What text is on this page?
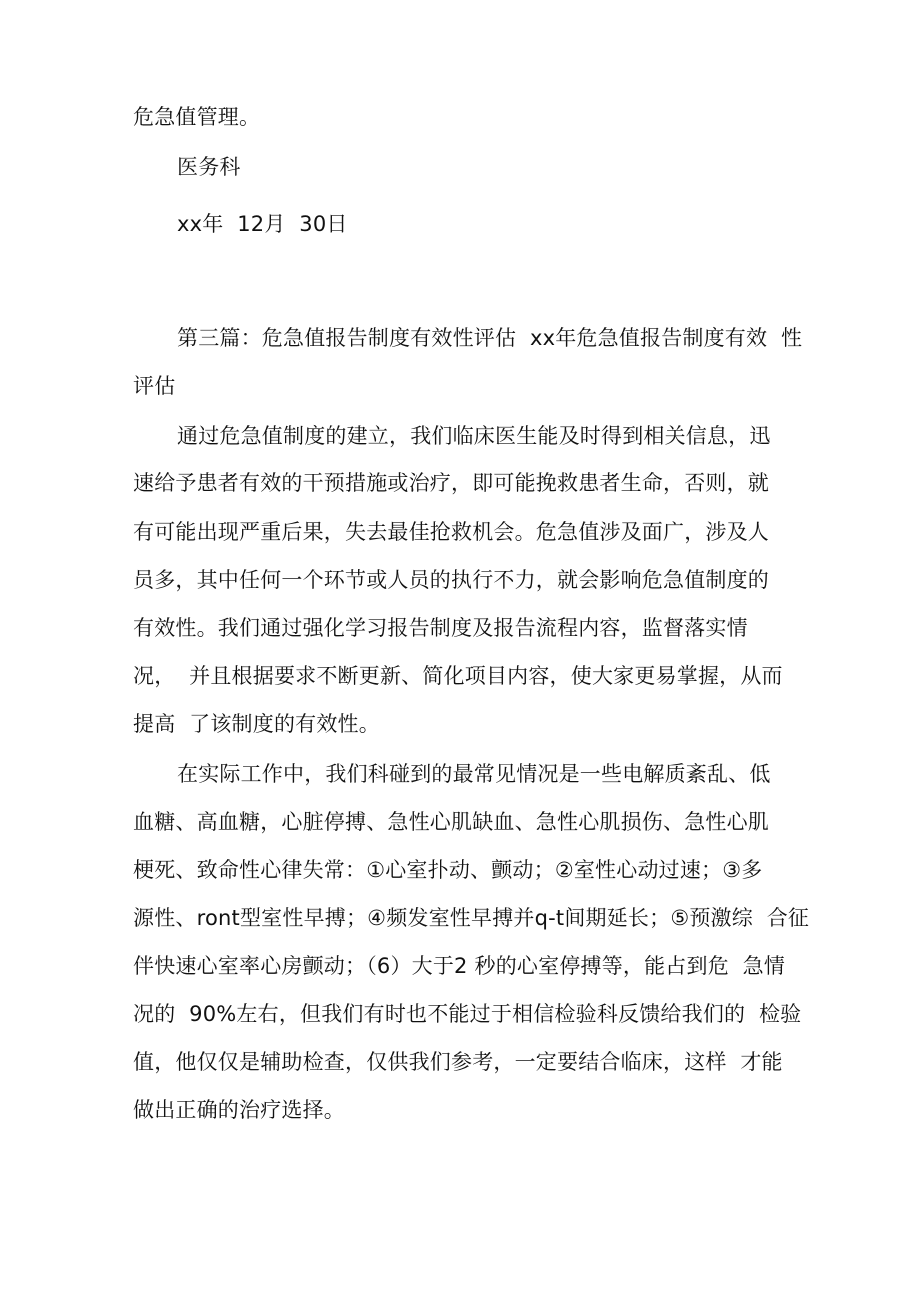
危急值管理。
医务科
xx年  12月  30日
第三篇：危急值报告制度有效性评估  xx年危急值报告制度有效  性
评估
通过危急值制度的建立，我们临床医生能及时得到相关信息，迅
速给予患者有效的干预措施或治疗，即可能挽救患者生命，否则，就
有可能出现严重后果，失去最佳抢救机会。危急值涉及面广，涉及人
员多，其中任何一个环节或人员的执行不力，就会影响危急值制度的
有效性。我们通过强化学习报告制度及报告流程内容，监督落实情
况，  并且根据要求不断更新、简化项目内容，使大家更易掌握，从而
提高  了该制度的有效性。
在实际工作中，我们科碰到的最常见情况是一些电解质紊乱、低
血糖、高血糖，心脏停搏、急性心肌缺血、急性心肌损伤、急性心肌
梗死、致命性心律失常：①心室扑动、颤动；②室性心动过速；③多
源性、ront型室性早搏；④频发室性早搏并q-t间期延长；⑤预激综  合征
伴快速心室率心房颤动；（6）大于2 秒的心室停搏等，能占到危  急情
况的  90%左右，但我们有时也不能过于相信检验科反馈给我们的  检验
值，他仅仅是辅助检查，仅供我们参考，一定要结合临床，这样  才能
做出正确的治疗选择。
